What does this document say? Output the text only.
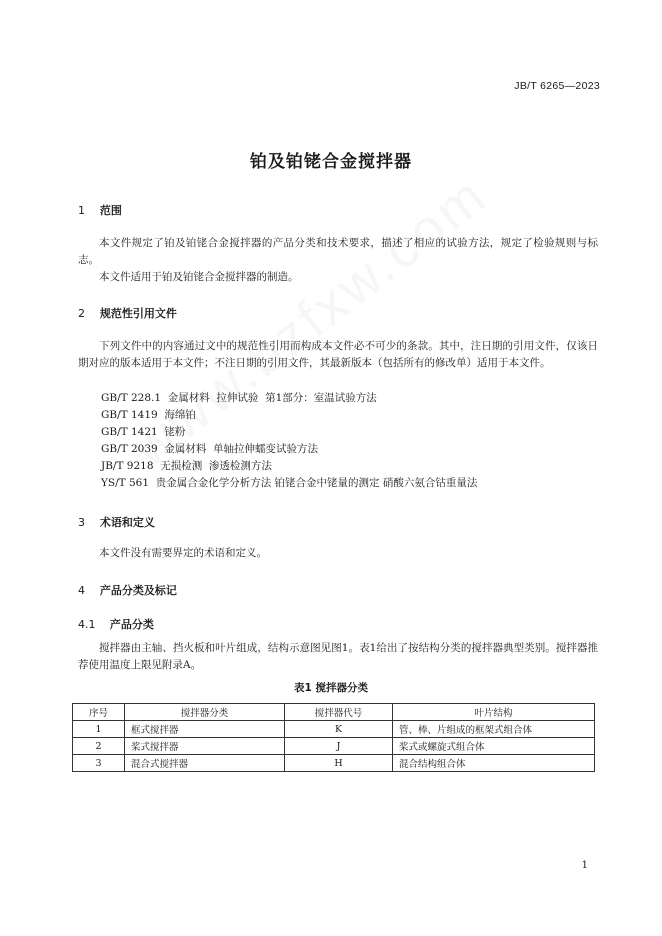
JB/T 6265—2023
铂及铂铑合金搅拌器
1 范围
本文件规定了铂及铂铑合金搅拌器的产品分类和技术要求，描述了相应的试验方法，规定了检验规则与标志。
本文件适用于铂及铂铑合金搅拌器的制造。
2 规范性引用文件
下列文件中的内容通过文中的规范性引用而构成本文件必不可少的条款。其中，注日期的引用文件，仅该日期对应的版本适用于本文件；不注日期的引用文件，其最新版本（包括所有的修改单）适用于本文件。
GB/T 228.1  金属材料  拉伸试验  第1部分：室温试验方法
GB/T 1419  海绵铂
GB/T 1421  铑粉
GB/T 2039  金属材料  单轴拉伸蠕变试验方法
JB/T 9218  无损检测  渗透检测方法
YS/T 561  贵金属合金化学分析方法 铂铑合金中铑量的测定 硝酸六氨合钴重量法
3 术语和定义
本文件没有需要界定的术语和定义。
4 产品分类及标记
4.1 产品分类
搅拌器由主轴、挡火板和叶片组成，结构示意图见图1。表1给出了按结构分类的搅拌器典型类别。搅拌器推荐使用温度上限见附录A。
表1 搅拌器分类
序号	搅拌器分类	搅拌器代号	叶片结构
1	框式搅拌器	K	管、棒、片组成的框架式组合体
2	桨式搅拌器	J	桨式或螺旋式组合体
3	混合式搅拌器	H	混合结构组合体
1
